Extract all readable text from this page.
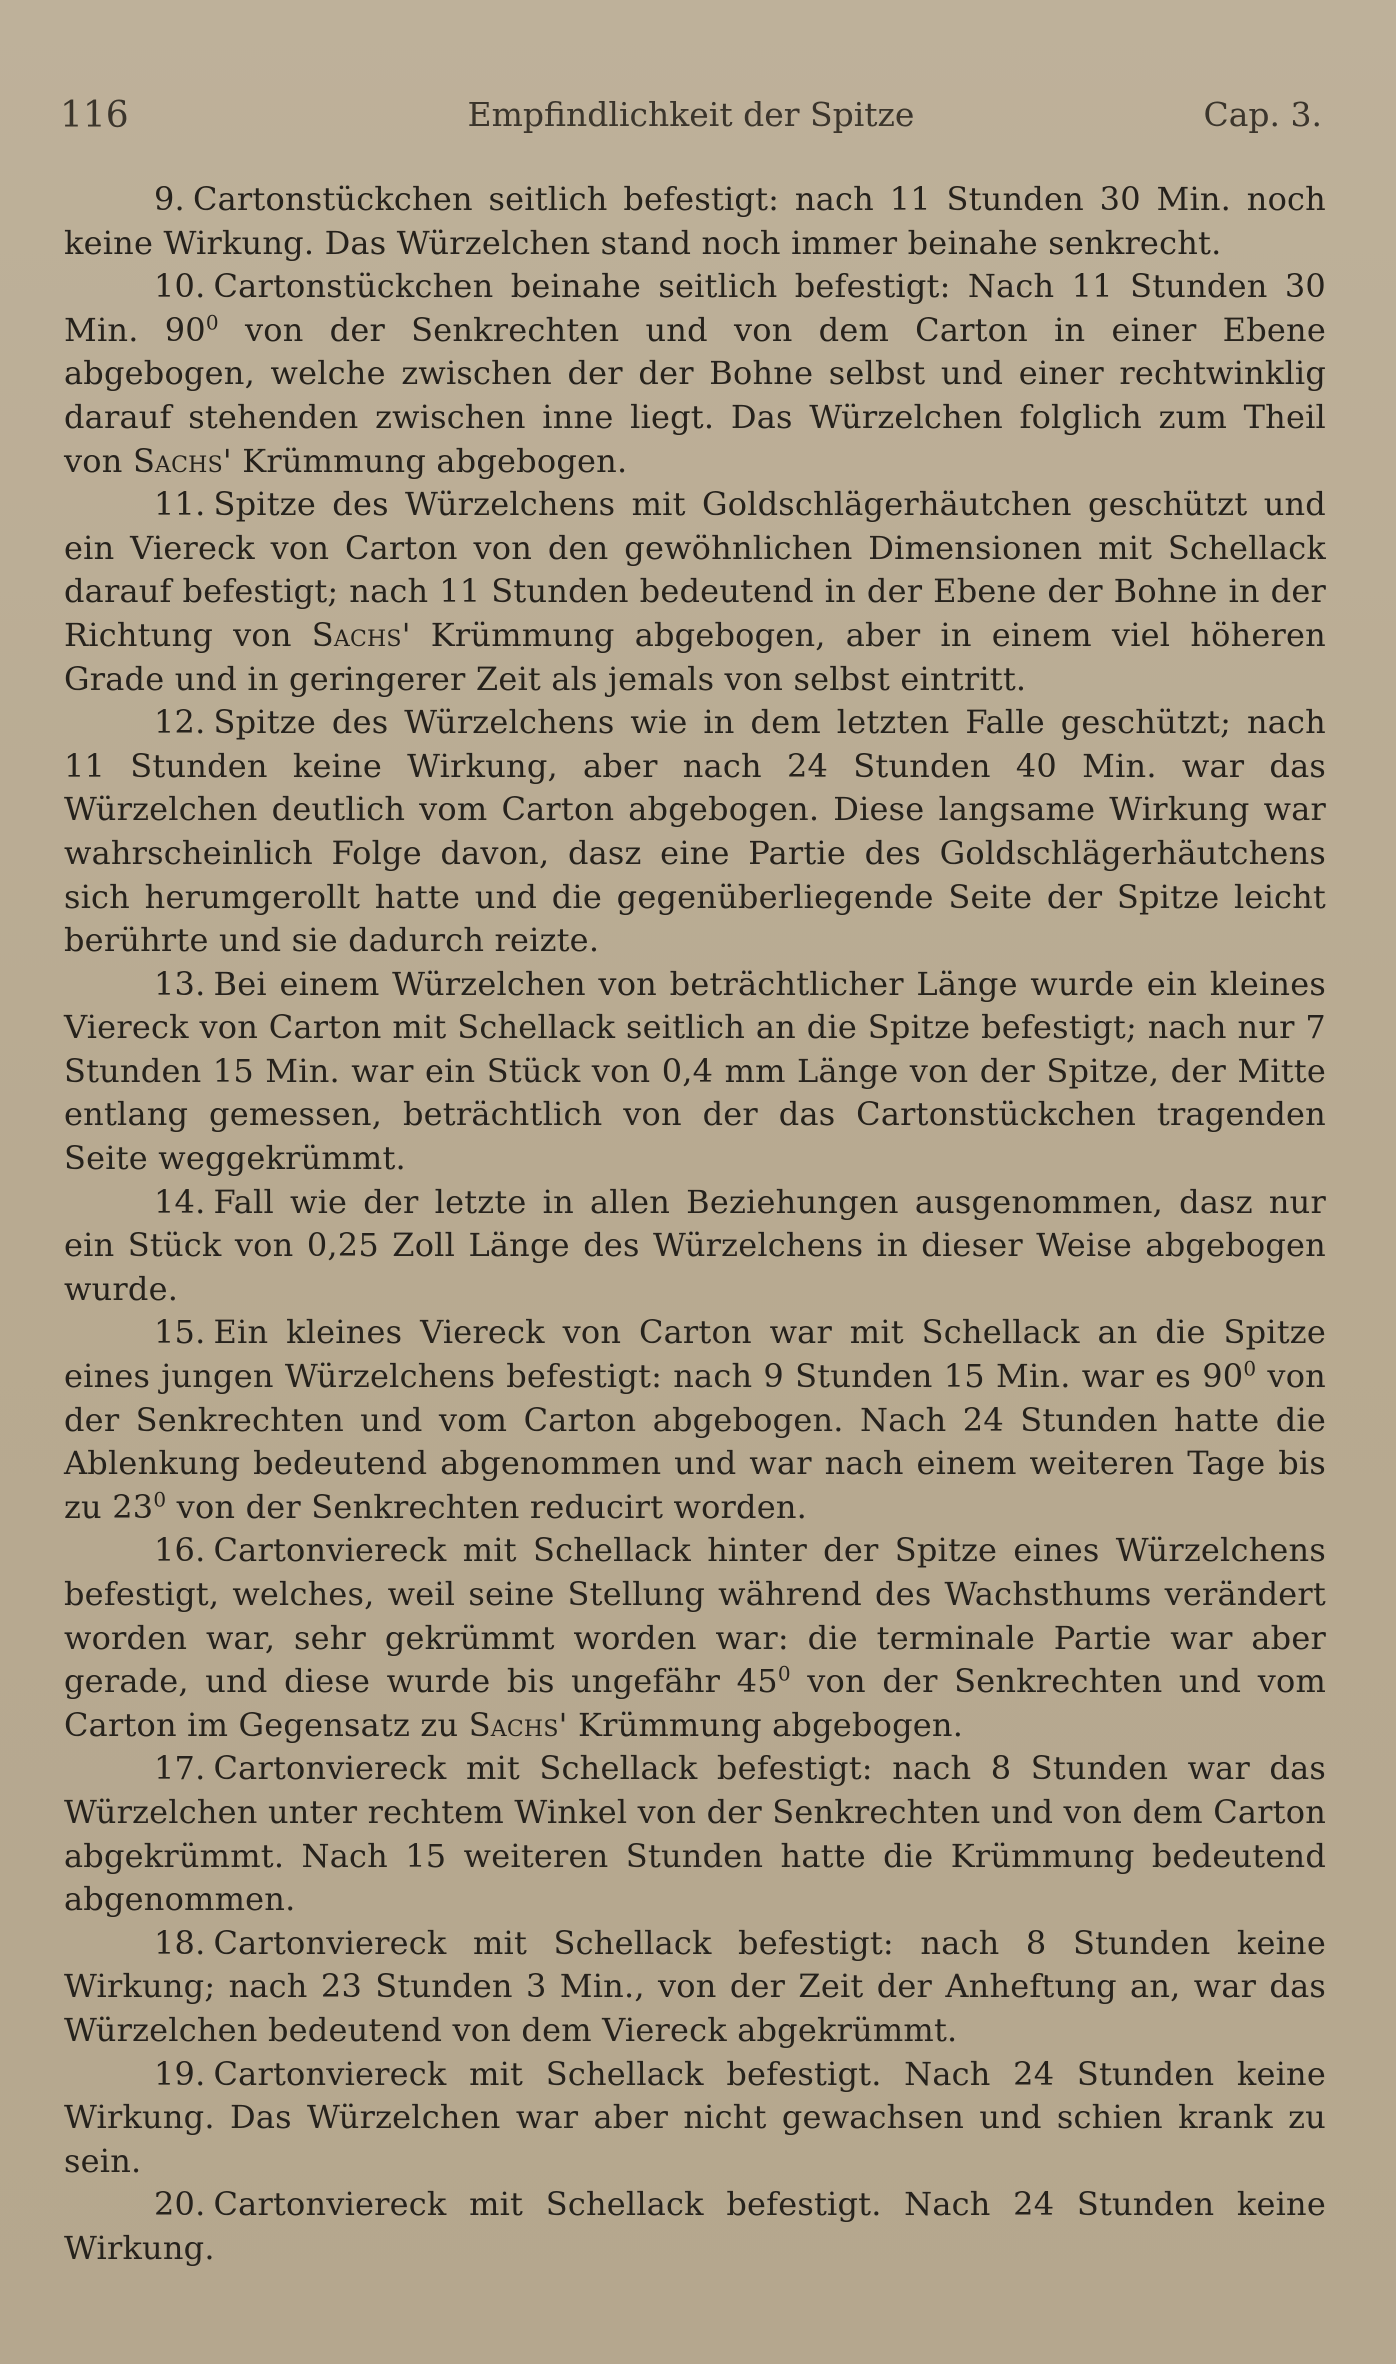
116	Empfindlichkeit der Spitze	Cap. 3.

9. Cartonstückchen seitlich befestigt: nach 11 Stunden 30 Min. noch keine Wirkung. Das Würzelchen stand noch immer beinahe senkrecht.

10. Cartonstückchen beinahe seitlich befestigt: Nach 11 Stunden 30 Min. $90^0$ von der Senkrechten und von dem Carton in einer Ebene abgebogen, welche zwischen der der Bohne selbst und einer rechtwinklig darauf stehenden zwischen inne liegt. Das Würzelchen folglich zum Theil von Sachs' Krümmung abgebogen.

11. Spitze des Würzelchens mit Goldschlägerhäutchen geschützt und ein Viereck von Carton von den gewöhnlichen Dimensionen mit Schellack darauf befestigt; nach 11 Stunden bedeutend in der Ebene der Bohne in der Richtung von Sachs' Krümmung abgebogen, aber in einem viel höheren Grade und in geringerer Zeit als jemals von selbst eintritt.

12. Spitze des Würzelchens wie in dem letzten Falle geschützt; nach 11 Stunden keine Wirkung, aber nach 24 Stunden 40 Min. war das Würzelchen deutlich vom Carton abgebogen. Diese langsame Wirkung war wahrscheinlich Folge davon, dasz eine Partie des Goldschlägerhäutchens sich herumgerollt hatte und die gegenüberliegende Seite der Spitze leicht berührte und sie dadurch reizte.

13. Bei einem Würzelchen von beträchtlicher Länge wurde ein kleines Viereck von Carton mit Schellack seitlich an die Spitze befestigt; nach nur 7 Stunden 15 Min. war ein Stück von 0,4 mm Länge von der Spitze, der Mitte entlang gemessen, beträchtlich von der das Cartonstückchen tragenden Seite weggekrümmt.

14. Fall wie der letzte in allen Beziehungen ausgenommen, dasz nur ein Stück von 0,25 Zoll Länge des Würzelchens in dieser Weise abgebogen wurde.

15. Ein kleines Viereck von Carton war mit Schellack an die Spitze eines jungen Würzelchens befestigt: nach 9 Stunden 15 Min. war es $90^0$ von der Senkrechten und vom Carton abgebogen. Nach 24 Stunden hatte die Ablenkung bedeutend abgenommen und war nach einem weiteren Tage bis zu $23^0$ von der Senkrechten reducirt worden.

16. Cartonviereck mit Schellack hinter der Spitze eines Würzelchens befestigt, welches, weil seine Stellung während des Wachsthums verändert worden war, sehr gekrümmt worden war: die terminale Partie war aber gerade, und diese wurde bis ungefähr $45^0$ von der Senkrechten und vom Carton im Gegensatz zu Sachs' Krümmung abgebogen.

17. Cartonviereck mit Schellack befestigt: nach 8 Stunden war das Würzelchen unter rechtem Winkel von der Senkrechten und von dem Carton abgekrümmt. Nach 15 weiteren Stunden hatte die Krümmung bedeutend abgenommen.

18. Cartonviereck mit Schellack befestigt: nach 8 Stunden keine Wirkung; nach 23 Stunden 3 Min., von der Zeit der Anheftung an, war das Würzelchen bedeutend von dem Viereck abgekrümmt.

19. Cartonviereck mit Schellack befestigt. Nach 24 Stunden keine Wirkung. Das Würzelchen war aber nicht gewachsen und schien krank zu sein.

20. Cartonviereck mit Schellack befestigt. Nach 24 Stunden keine Wirkung.
